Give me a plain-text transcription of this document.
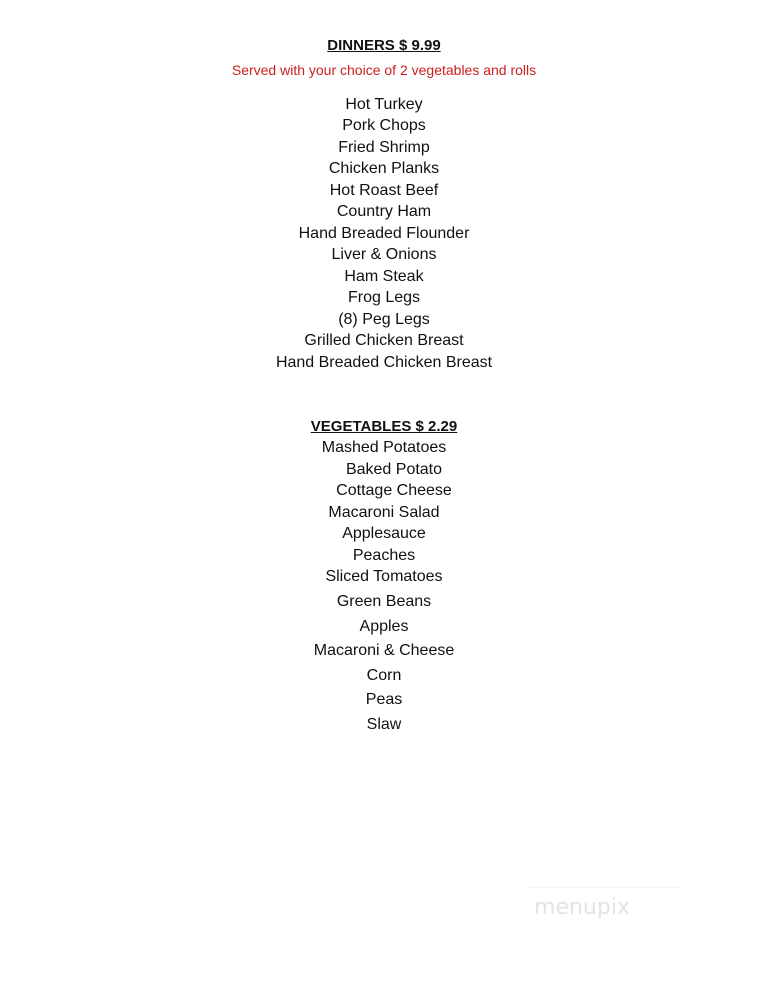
DINNERS $ 9.99
Served with your choice of 2 vegetables and rolls
Hot Turkey
Pork Chops
Fried Shrimp
Chicken Planks
Hot Roast Beef
Country Ham
Hand Breaded Flounder
Liver & Onions
Ham Steak
Frog Legs
(8) Peg Legs
Grilled Chicken Breast
Hand Breaded Chicken Breast
VEGETABLES $ 2.29
Mashed Potatoes
Baked Potato
Cottage Cheese
Macaroni Salad
Applesauce
Peaches
Sliced Tomatoes
Green Beans
Apples
Macaroni & Cheese
Corn
Peas
Slaw
menupix
